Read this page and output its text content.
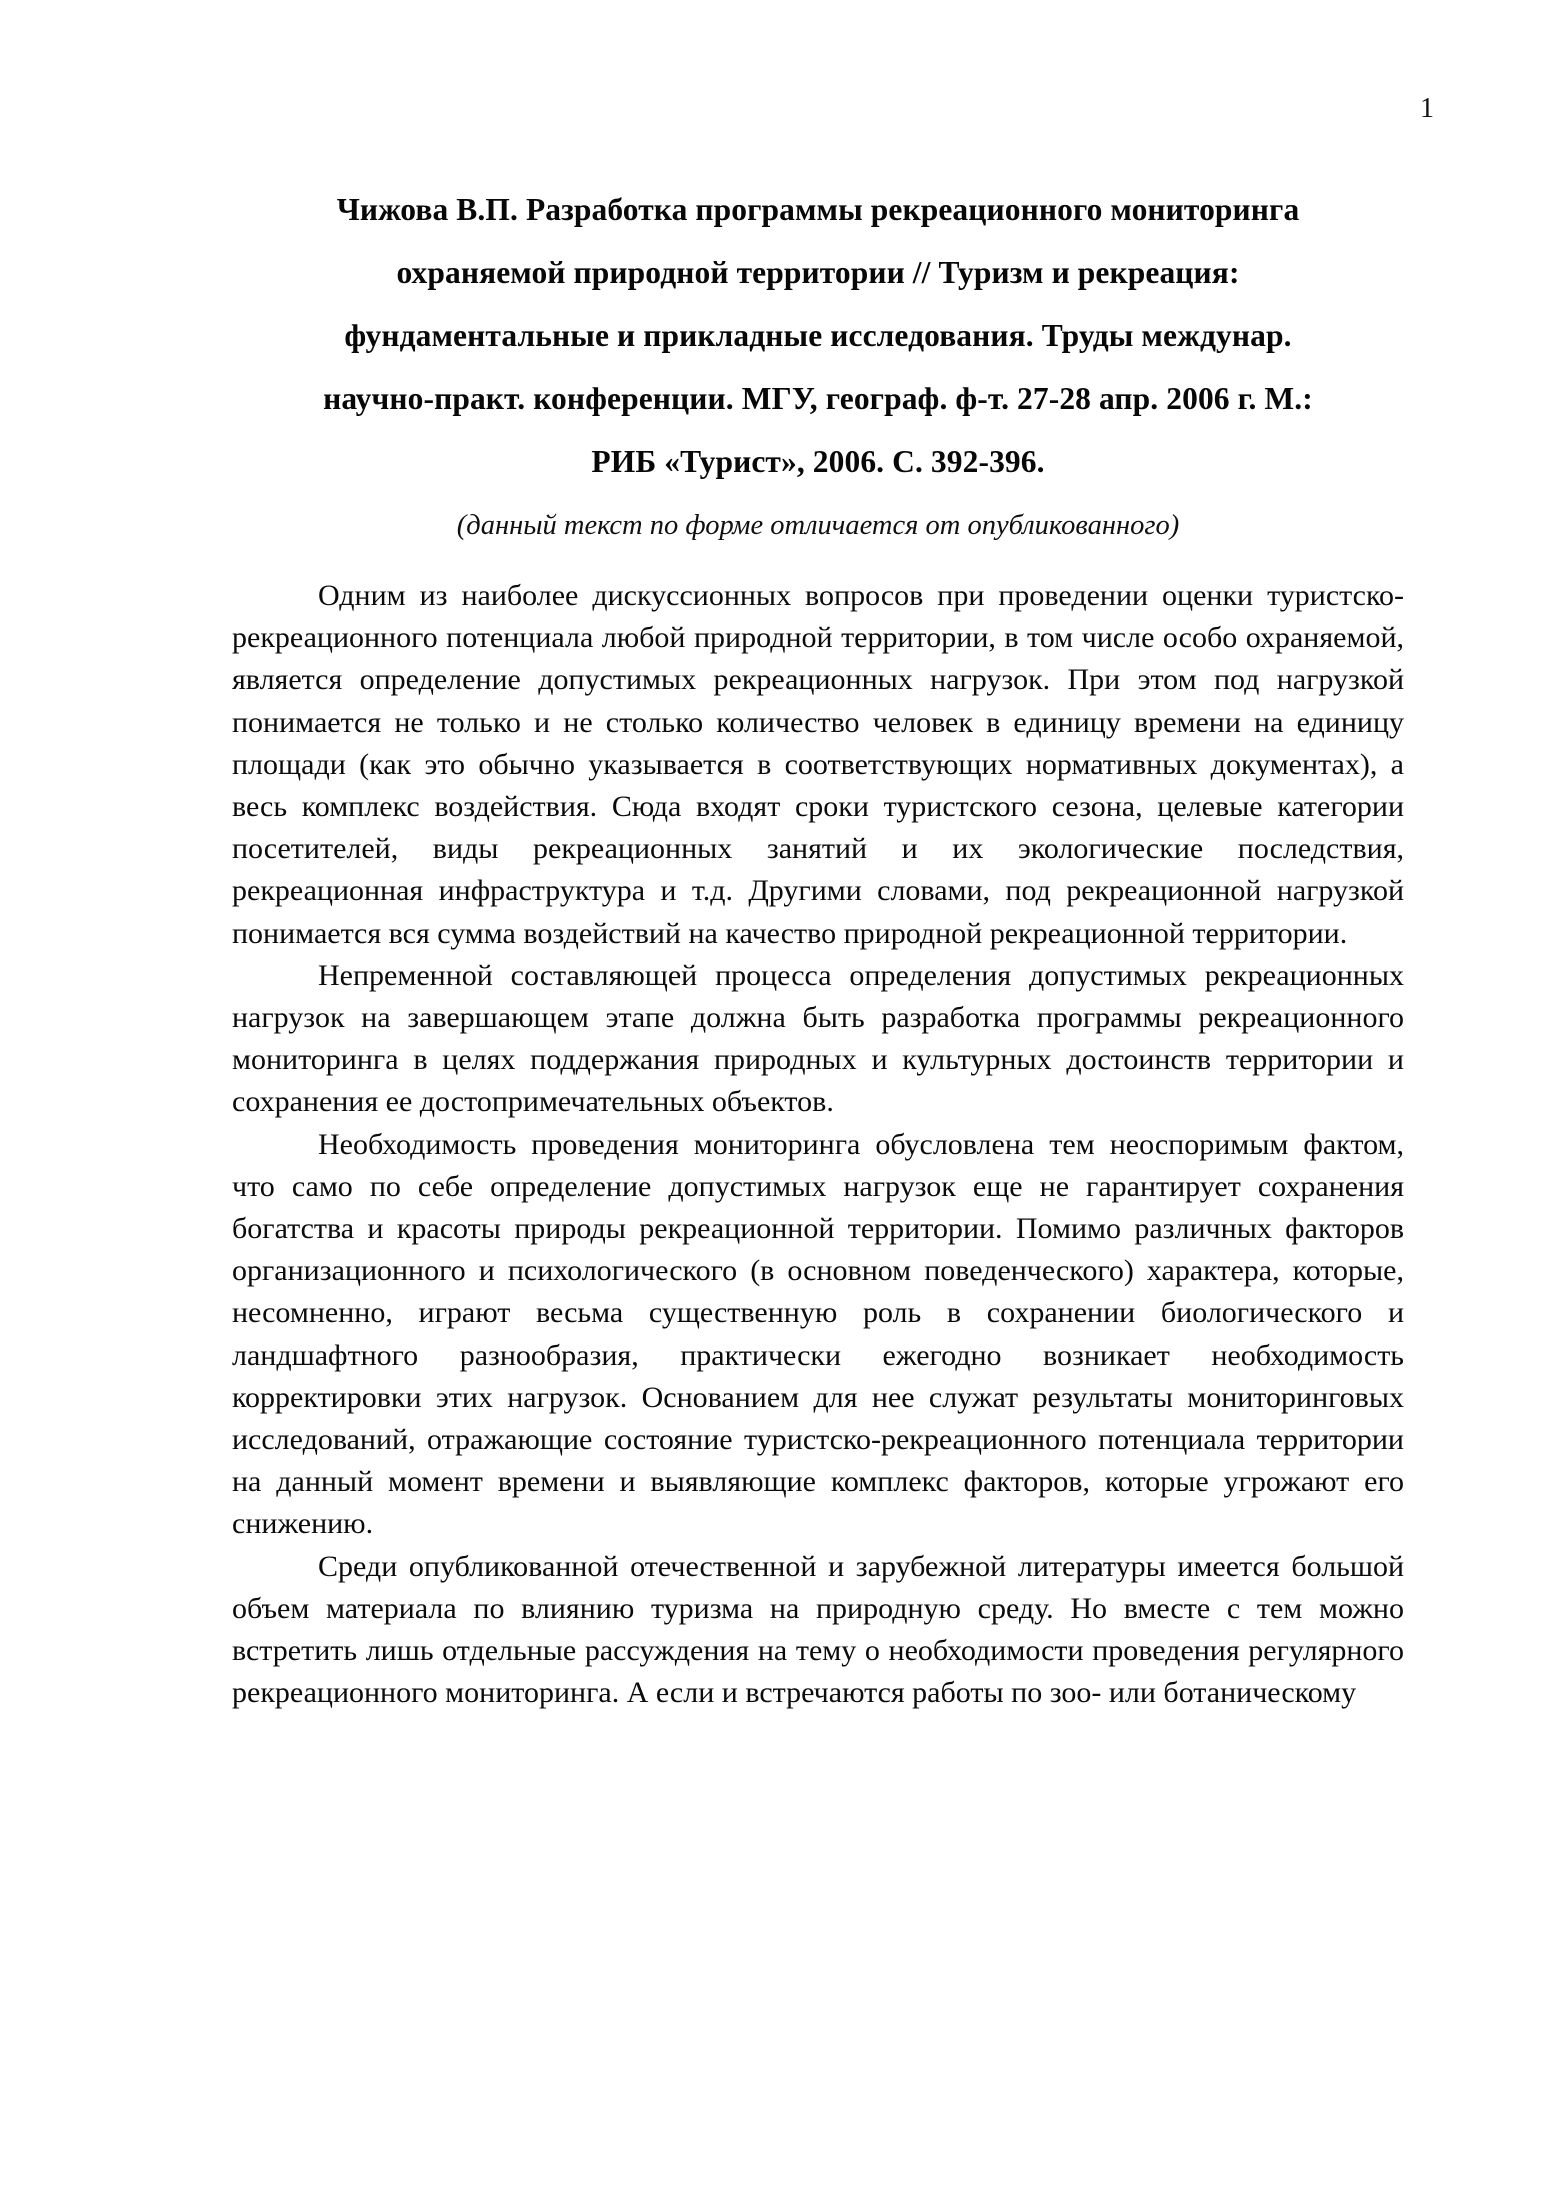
1
Чижова В.П. Разработка программы рекреационного мониторинга
охраняемой природной территории // Туризм и рекреация:
фундаментальные и прикладные исследования. Труды междунар.
научно-практ. конференции. МГУ, географ. ф-т. 27-28 апр. 2006 г. М.:
РИБ «Турист», 2006. С. 392-396.
(данный текст по форме отличается от опубликованного)

Одним из наиболее дискуссионных вопросов при проведении оценки туристско-рекреационного потенциала любой природной территории, в том числе особо охраняемой, является определение допустимых рекреационных нагрузок. При этом под нагрузкой понимается не только и не столько количество человек в единицу времени на единицу площади (как это обычно указывается в соответствующих нормативных документах), а весь комплекс воздействия. Сюда входят сроки туристского сезона, целевые категории посетителей, виды рекреационных занятий и их экологические последствия, рекреационная инфраструктура и т.д. Другими словами, под рекреационной нагрузкой понимается вся сумма воздействий на качество природной рекреационной территории.

Непременной составляющей процесса определения допустимых рекреационных нагрузок на завершающем этапе должна быть разработка программы рекреационного мониторинга в целях поддержания природных и культурных достоинств территории и сохранения ее достопримечательных объектов.

Необходимость проведения мониторинга обусловлена тем неоспоримым фактом, что само по себе определение допустимых нагрузок еще не гарантирует сохранения богатства и красоты природы рекреационной территории. Помимо различных факторов организационного и психологического (в основном поведенческого) характера, которые, несомненно, играют весьма существенную роль в сохранении биологического и ландшафтного разнообразия, практически ежегодно возникает необходимость корректировки этих нагрузок. Основанием для нее служат результаты мониторинговых исследований, отражающие состояние туристско-рекреационного потенциала территории на данный момент времени и выявляющие комплекс факторов, которые угрожают его снижению.

Среди опубликованной отечественной и зарубежной литературы имеется большой объем материала по влиянию туризма на природную среду. Но вместе с тем можно встретить лишь отдельные рассуждения на тему о необходимости проведения регулярного рекреационного мониторинга. А если и встречаются работы по зоо- или ботаническому
